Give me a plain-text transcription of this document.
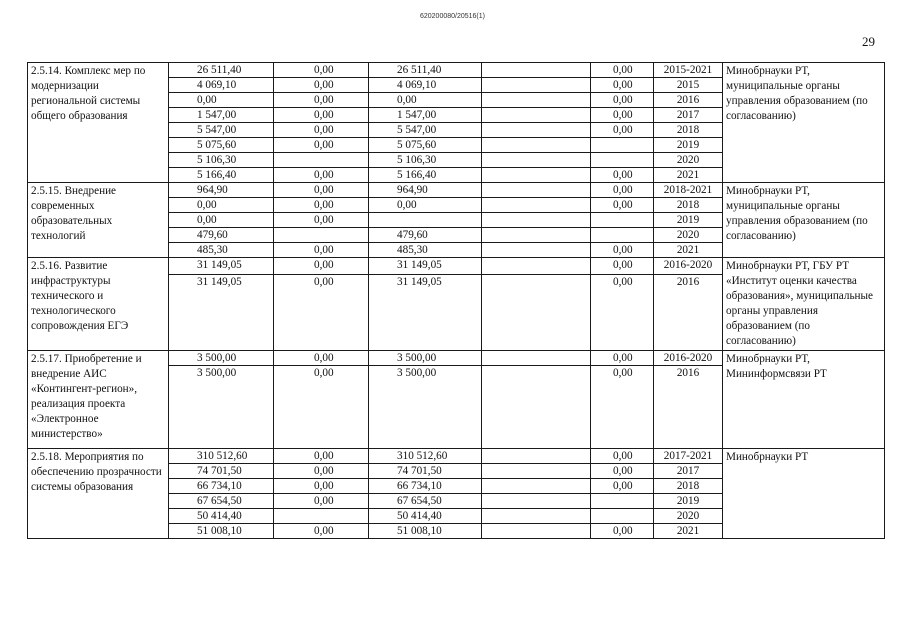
620200080/20516(1)
29
2.5.14. Комплекс мер по модернизации региональной системы общего образования	26 511,40	0,00	26 511,40		0,00	2015-2021	Минобрнауки РТ, муниципальные органы управления образованием (по согласованию)
	4 069,10	0,00	4 069,10		0,00	2015	
	0,00	0,00	0,00		0,00	2016	
	1 547,00	0,00	1 547,00		0,00	2017	
	5 547,00	0,00	5 547,00		0,00	2018	
	5 075,60	0,00	5 075,60			2019	
	5 106,30		5 106,30			2020	
	5 166,40	0,00	5 166,40		0,00	2021	
2.5.15. Внедрение современных образовательных технологий	964,90	0,00	964,90		0,00	2018-2021	Минобрнауки РТ, муниципальные органы управления образованием (по согласованию)
	0,00	0,00	0,00		0,00	2018	
	0,00	0,00				2019	
	479,60		479,60			2020	
	485,30	0,00	485,30		0,00	2021	
2.5.16. Развитие инфраструктуры технического и технологического сопровождения ЕГЭ	31 149,05	0,00	31 149,05		0,00	2016-2020	Минобрнауки РТ, ГБУ РТ «Институт оценки качества образования», муниципальные органы управления образованием (по согласованию)
	31 149,05	0,00	31 149,05		0,00	2016	
2.5.17. Приобретение и внедрение АИС «Контингент-регион», реализация проекта «Электронное министерство»	3 500,00	0,00	3 500,00		0,00	2016-2020	Минобрнауки РТ, Мининформсвязи РТ
	3 500,00	0,00	3 500,00		0,00	2016	
2.5.18. Мероприятия по обеспечению прозрачности системы образования	310 512,60	0,00	310 512,60		0,00	2017-2021	Минобрнауки РТ
	74 701,50	0,00	74 701,50		0,00	2017	
	66 734,10	0,00	66 734,10		0,00	2018	
	67 654,50	0,00	67 654,50			2019	
	50 414,40		50 414,40			2020	
	51 008,10	0,00	51 008,10		0,00	2021	
